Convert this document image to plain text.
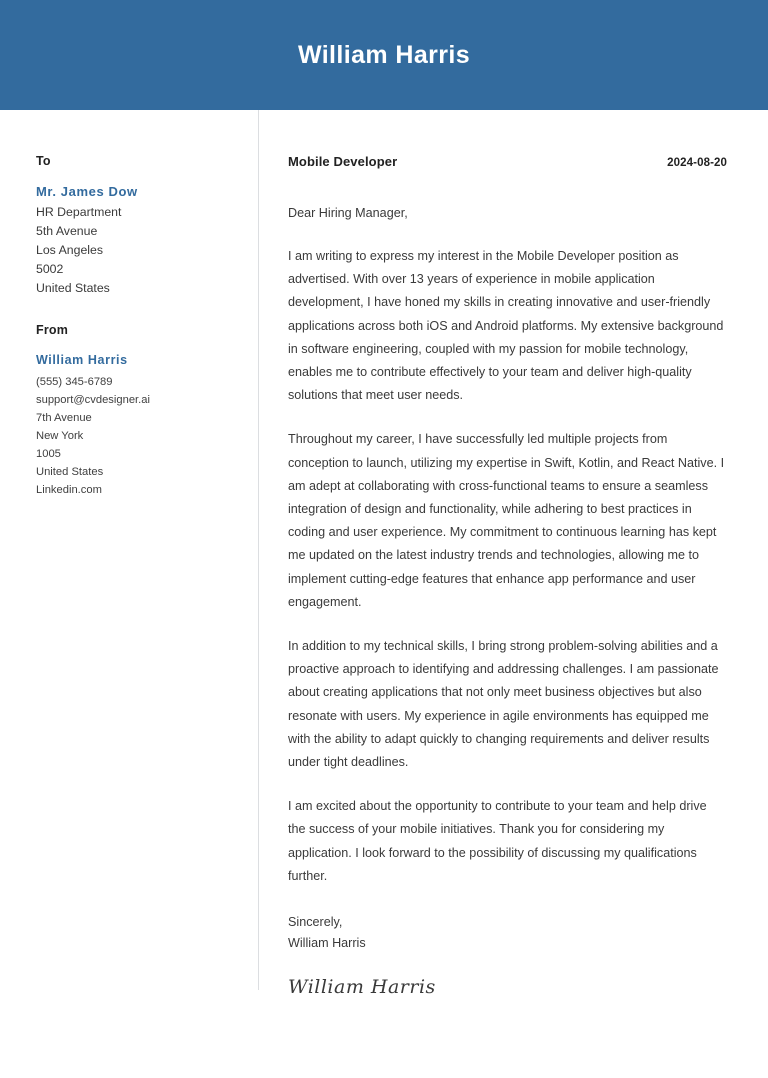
William Harris
To
Mr. James Dow
HR Department
5th Avenue
Los Angeles
5002
United States
From
William Harris
(555) 345-6789
support@cvdesigner.ai
7th Avenue
New York
1005
United States
Linkedin.com
Mobile Developer	2024-08-20
Dear Hiring Manager,

I am writing to express my interest in the Mobile Developer position as advertised. With over 13 years of experience in mobile application development, I have honed my skills in creating innovative and user-friendly applications across both iOS and Android platforms. My extensive background in software engineering, coupled with my passion for mobile technology, enables me to contribute effectively to your team and deliver high-quality solutions that meet user needs.

Throughout my career, I have successfully led multiple projects from conception to launch, utilizing my expertise in Swift, Kotlin, and React Native. I am adept at collaborating with cross-functional teams to ensure a seamless integration of design and functionality, while adhering to best practices in coding and user experience. My commitment to continuous learning has kept me updated on the latest industry trends and technologies, allowing me to implement cutting-edge features that enhance app performance and user engagement.

In addition to my technical skills, I bring strong problem-solving abilities and a proactive approach to identifying and addressing challenges. I am passionate about creating applications that not only meet business objectives but also resonate with users. My experience in agile environments has equipped me with the ability to adapt quickly to changing requirements and deliver results under tight deadlines.

I am excited about the opportunity to contribute to your team and help drive the success of your mobile initiatives. Thank you for considering my application. I look forward to the possibility of discussing my qualifications further.

Sincerely,
William Harris
William Harris
